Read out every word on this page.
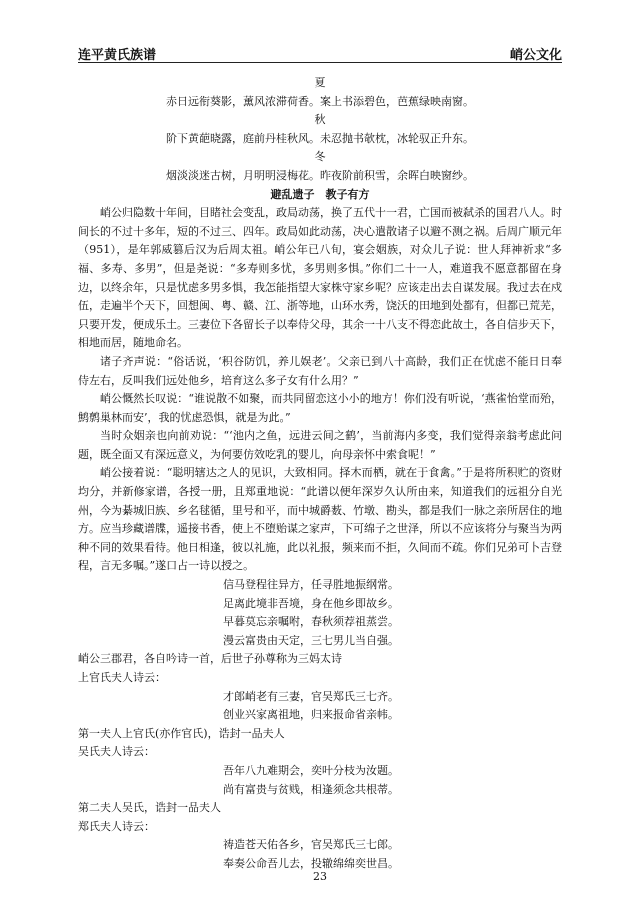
连平黄氏族谱	峭公文化
夏
赤日远衔葵影，薰风浓滞荷香。案上书添碧色，芭蕉绿映南窗。
秋
阶下黄葩晓露，庭前丹桂秋风。未忍抛书欹枕，冰轮驭正升东。
冬
烟淡淡迷古树，月明明浸梅花。昨夜阶前积雪，余晖白映窗纱。
避乱遗子　教子有方

峭公归隐数十年间，目睹社会变乱，政局动荡，换了五代十一君，亡国而被弑杀的国君八人。时间长的不过十多年，短的不过三、四年。政局如此动荡，决心遣散诸子以避不测之祸。后周广顺元年（951），是年郭威篡后汉为后周太祖。峭公年已八旬，宴会姻族，对众儿子说：世人拜神祈求“多福、多寿、多男”，但是尧说：“多寿则多忧，多男则多惧。”你们二十一人，难道我不愿意都留在身边，以终余年，只是忧虑多男多惧，我怎能指望大家株守家乡呢？应该走出去自谋发展。我过去在戍伍，走遍半个天下，回想闽、粤、赣、江、浙等地，山环水秀，饶沃的田地到处都有，但都已荒芜，只要开发，便成乐土。三妻位下各留长子以奉侍父母，其余一十八支不得恋此故土，各自信步天下，相地而居，随地命名。

诸子齐声说：“俗话说，‘积谷防饥，养儿娱老’。父亲已到八十高龄，我们正在忧虑不能日日奉侍左右，反叫我们远处他乡，培育这么多子女有什么用？”

峭公慨然长叹说：“谁说散不如聚，而共同留恋这小小的地方！你们没有听说，‘燕雀怡堂而殆，鹪鹩巢林而安’，我的忧虑恐惧，就是为此。”

当时众姻亲也向前劝说：“‘池内之鱼，远进云间之鹤’，当前海内多变，我们觉得亲翁考虑此问题，既全面又有深远意义，为何要仿效吃乳的婴儿，向母亲怀中索食呢！”

峭公接着说：“聪明辖达之人的见识，大致相同。择木而栖，就在于食禽。”于是将所积贮的资财均分，并新修家谱，各授一册，且郑重地说：“此谱以便年深岁久认所由来，知道我们的远祖分自光州，今为綦城旧族、乡名毬循，里号和平，而中城爵薮、竹墩、勘头，都是我们一脉之亲所居住的地方。应当珍藏谱牒，遥接书香，使上不堕贻谋之家声，下可绵子之世泽，所以不应该将分与聚当为两种不同的效果看待。他日相逢，彼以礼施，此以礼报，频来而不拒，久间而不疏。你们兄弟可卜吉登程，言无多嘱。”遂口占一诗以授之。

信马登程往异方，任寻胜地振纲常。
足离此境非吾境，身在他乡即故乡。
早暮莫忘亲嘱咐，春秋须荐祖蒸尝。
漫云富贵由天定，三七男儿当自强。
峭公三郡君，各自吟诗一首，后世子孙尊称为三妈太诗
上官氏夫人诗云：
才郎峭老有三妻，官吴郑氏三七齐。
创业兴家离祖地，归来报命省亲帏。
第一夫人上官氏(亦作官氏)，诰封一品夫人
吴氏夫人诗云：
吾年八九难期会，奕叶分枝为汝题。
尚有富贵与贫贱，相逢须念共根蒂。
第二夫人吴氏，诰封一品夫人
郑氏夫人诗云：
祷造苍天佑各乡，官吴郑氏三七郎。
奉奏公命吾儿去，投辙绵绵奕世昌。
23
